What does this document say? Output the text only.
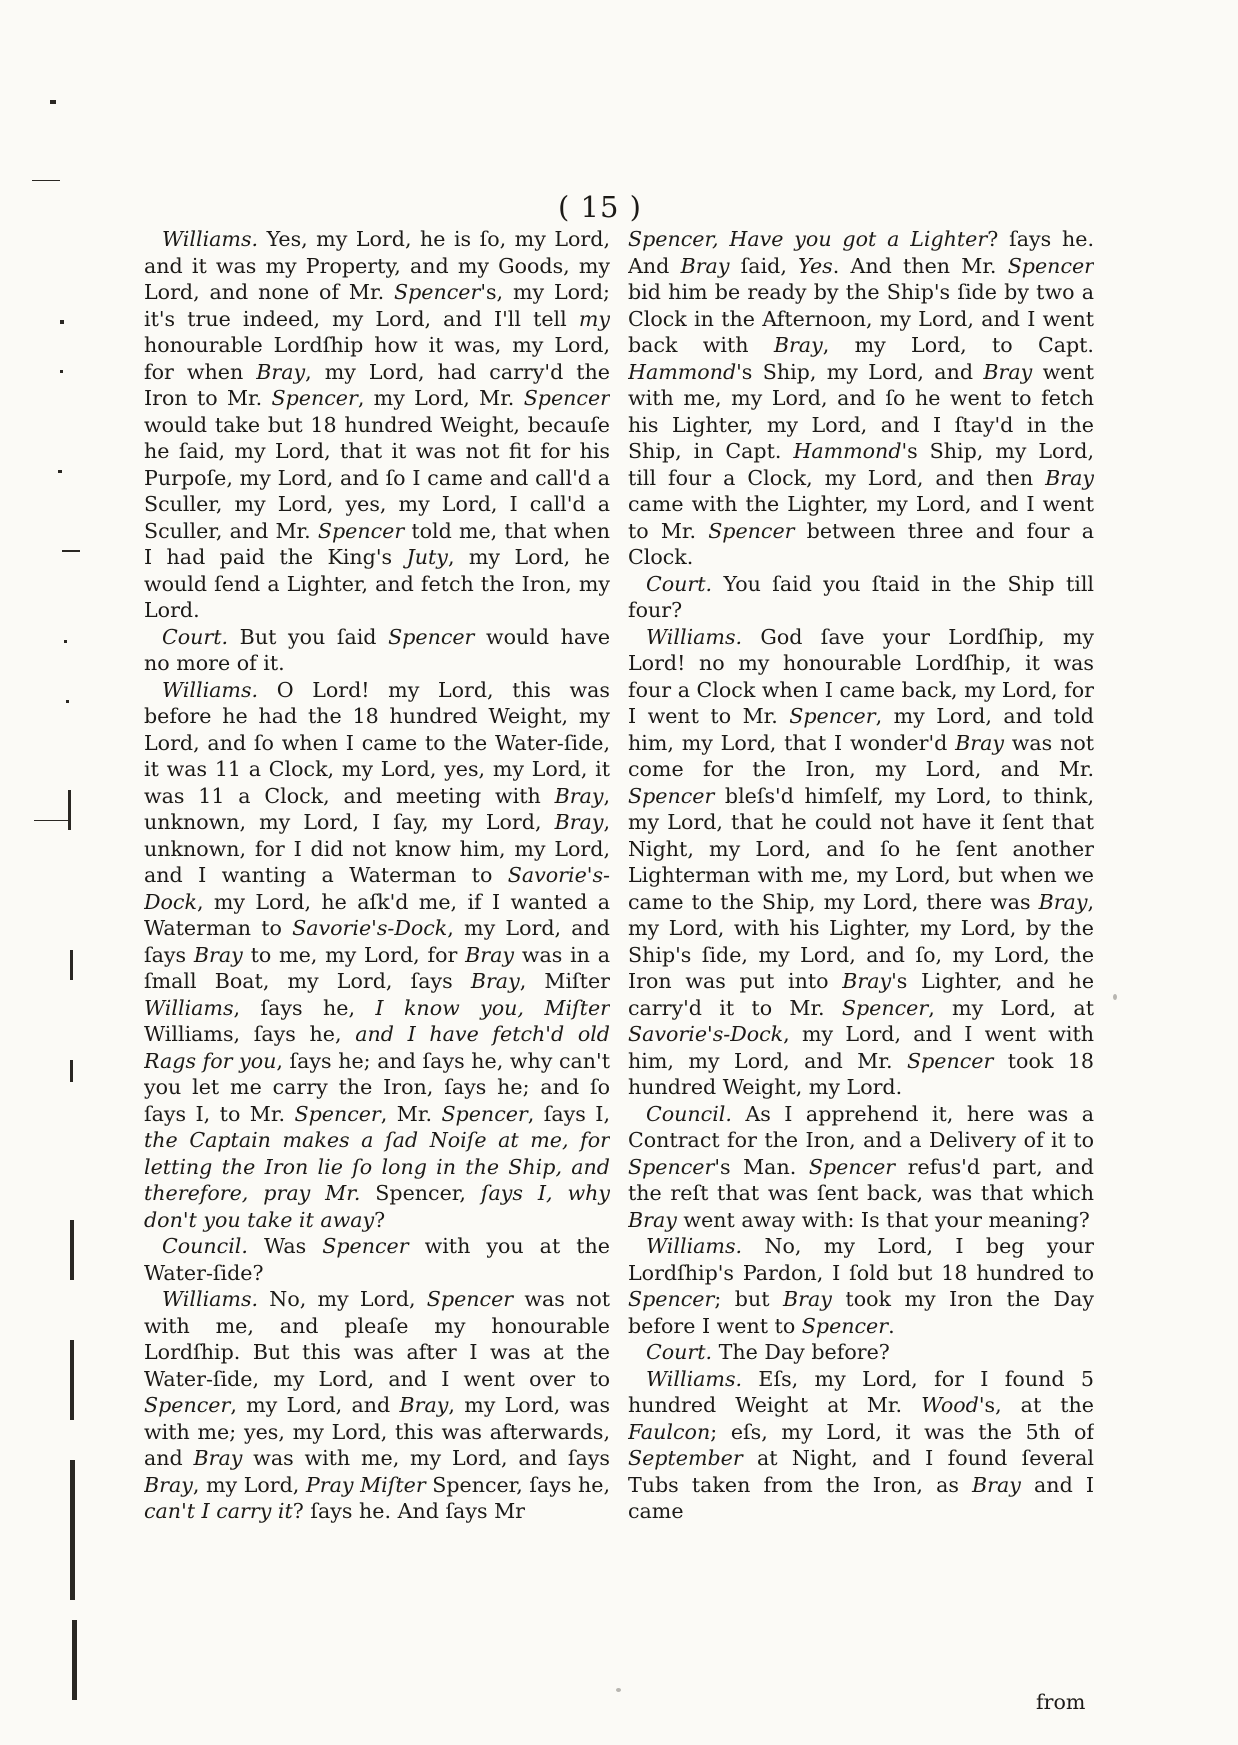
( 15 )

Williams. Yes, my Lord, he is ſo, my Lord, and it was my Property, and my Goods, my Lord, and none of Mr. Spencer's, my Lord; it's true indeed, my Lord, and I'll tell my honourable Lordſhip how it was, my Lord, for when Bray, my Lord, had carry'd the Iron to Mr. Spencer, my Lord, Mr. Spencer would take but 18 hundred Weight, becauſe he ſaid, my Lord, that it was not fit for his Purpoſe, my Lord, and ſo I came and call'd a Sculler, my Lord, yes, my Lord, I call'd a Sculler, and Mr. Spencer told me, that when I had paid the King's Juty, my Lord, he would ſend a Lighter, and fetch the Iron, my Lord.

Court. But you ſaid Spencer would have no more of it.

Williams. O Lord! my Lord, this was before he had the 18 hundred Weight, my Lord, and ſo when I came to the Water-ſide, it was 11 a Clock, my Lord, yes, my Lord, it was 11 a Clock, and meeting with Bray, unknown, my Lord, I ſay, my Lord, Bray, unknown, for I did not know him, my Lord, and I wanting a Waterman to Savorie's-Dock, my Lord, he aſk'd me, if I wanted a Waterman to Savorie's-Dock, my Lord, and ſays Bray to me, my Lord, for Bray was in a ſmall Boat, my Lord, ſays Bray, Miſter Williams, ſays he, I know you, Miſter Williams, ſays he, and I have fetch'd old Rags for you, ſays he; and ſays he, why can't you let me carry the Iron, ſays he; and ſo ſays I, to Mr. Spencer, Mr. Spencer, ſays I, the Captain makes a ſad Noiſe at me, for letting the Iron lie ſo long in the Ship, and therefore, pray Mr. Spencer, ſays I, why don't you take it away?

Council. Was Spencer with you at the Water-ſide?

Williams. No, my Lord, Spencer was not with me, and pleaſe my honourable Lordſhip. But this was after I was at the Water-ſide, my Lord, and I went over to Spencer, my Lord, and Bray, my Lord, was with me; yes, my Lord, this was afterwards, and Bray was with me, my Lord, and ſays Bray, my Lord, Pray Miſter Spencer, ſays he, can't I carry it? ſays he. And ſays Mr

Spencer, Have you got a Lighter? ſays he. And Bray ſaid, Yes. And then Mr. Spencer bid him be ready by the Ship's ſide by two a Clock in the Afternoon, my Lord, and I went back with Bray, my Lord, to Capt. Hammond's Ship, my Lord, and Bray went with me, my Lord, and ſo he went to fetch his Lighter, my Lord, and I ſtay'd in the Ship, in Capt. Hammond's Ship, my Lord, till four a Clock, my Lord, and then Bray came with the Lighter, my Lord, and I went to Mr. Spencer between three and four a Clock.

Court. You ſaid you ſtaid in the Ship till four?

Williams. God ſave your Lordſhip, my Lord! no my honourable Lordſhip, it was four a Clock when I came back, my Lord, for I went to Mr. Spencer, my Lord, and told him, my Lord, that I wonder'd Bray was not come for the Iron, my Lord, and Mr. Spencer bleſs'd himſelf, my Lord, to think, my Lord, that he could not have it ſent that Night, my Lord, and ſo he ſent another Lighterman with me, my Lord, but when we came to the Ship, my Lord, there was Bray, my Lord, with his Lighter, my Lord, by the Ship's ſide, my Lord, and ſo, my Lord, the Iron was put into Bray's Lighter, and he carry'd it to Mr. Spencer, my Lord, at Savorie's-Dock, my Lord, and I went with him, my Lord, and Mr. Spencer took 18 hundred Weight, my Lord.

Council. As I apprehend it, here was a Contract for the Iron, and a Delivery of it to Spencer's Man. Spencer refus'd part, and the reſt that was ſent back, was that which Bray went away with: Is that your meaning?

Williams. No, my Lord, I beg your Lordſhip's Pardon, I ſold but 18 hundred to Spencer; but Bray took my Iron the Day before I went to Spencer.

Court. The Day before?

Williams. Eſs, my Lord, for I found 5 hundred Weight at Mr. Wood's, at the Faulcon; eſs, my Lord, it was the 5th of September at Night, and I found ſeveral Tubs taken from the Iron, as Bray and I came

from
